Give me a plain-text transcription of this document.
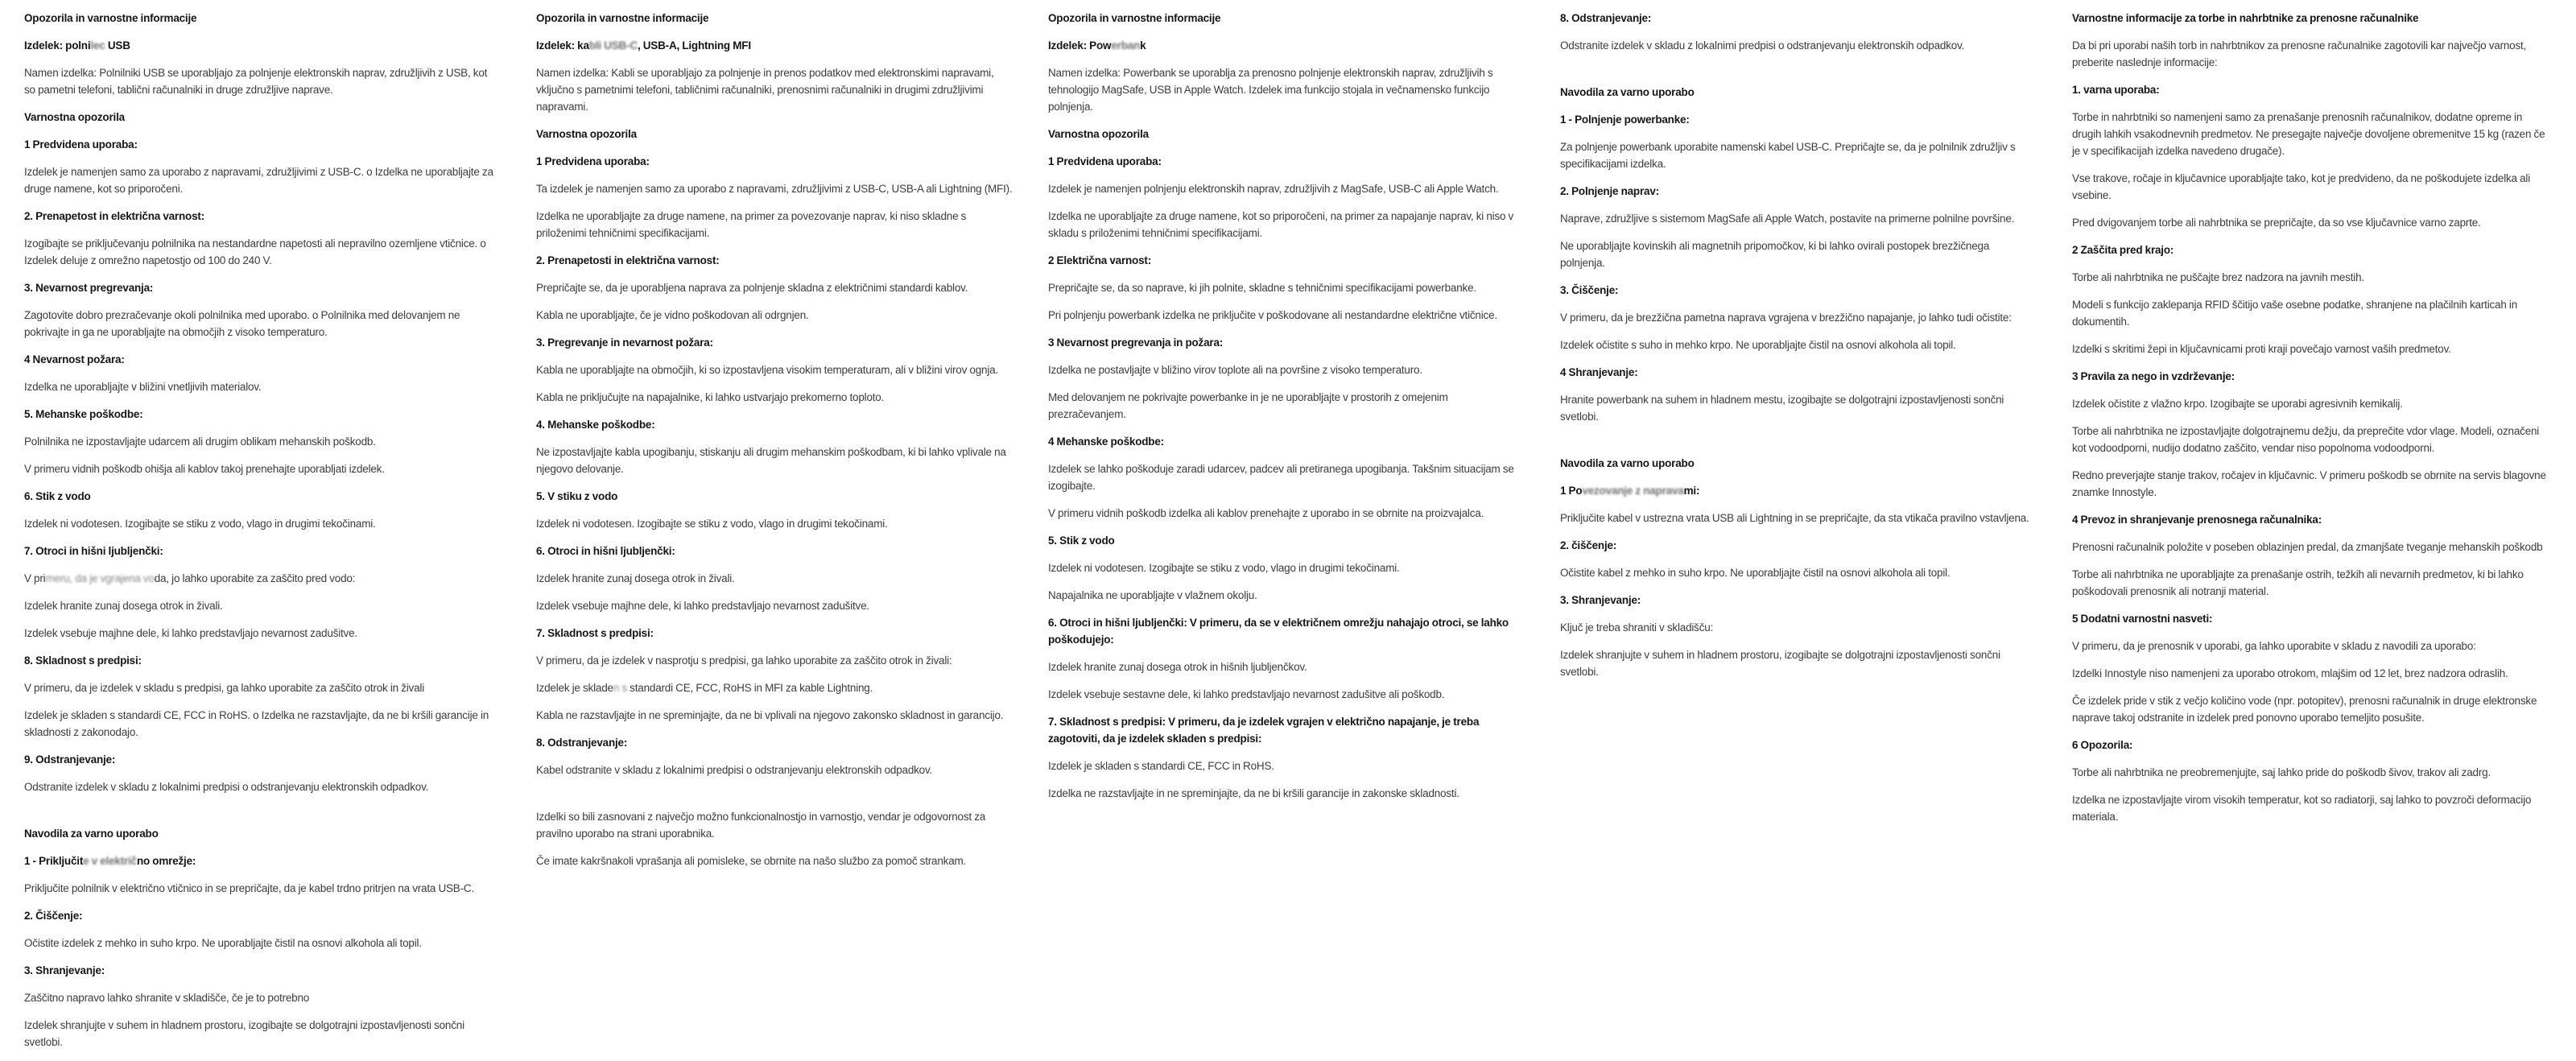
Opozorila in varnostne informacije
Izdelek: polnilec USB
Namen izdelka: Polnilniki USB se uporabljajo za polnjenje elektronskih naprav, združljivih z USB, kot so pametni telefoni, tablični računalniki in druge združljive naprave.
Varnostna opozorila
1 Predvidena uporaba:
Izdelek je namenjen samo za uporabo z napravami, združljivimi z USB-C. o Izdelka ne uporabljajte za druge namene, kot so priporočeni.
2. Prenapetost in električna varnost:
Izogibajte se priključevanju polnilnika na nestandardne napetosti ali nepravilno ozemljene vtičnice. o Izdelek deluje z omrežno napetostjo od 100 do 240 V.
3. Nevarnost pregrevanja:
Zagotovite dobro prezračevanje okoli polnilnika med uporabo. o Polnilnika med delovanjem ne pokrivajte in ga ne uporabljajte na območjih z visoko temperaturo.
4 Nevarnost požara:
Izdelka ne uporabljajte v bližini vnetljivih materialov.
5. Mehanske poškodbe:
Polnilnika ne izpostavljajte udarcem ali drugim oblikam mehanskih poškodb.
V primeru vidnih poškodb ohišja ali kablov takoj prenehajte uporabljati izdelek.
6. Stik z vodo
Izdelek ni vodotesen. Izogibajte se stiku z vodo, vlago in drugimi tekočinami.
7. Otroci in hišni ljubljenčki:
V primeru, da je vgrajena voda, jo lahko uporabite za zaščito pred vodo:
Izdelek hranite zunaj dosega otrok in živali.
Izdelek vsebuje majhne dele, ki lahko predstavljajo nevarnost zadušitve.
8. Skladnost s predpisi:
V primeru, da je izdelek v skladu s predpisi, ga lahko uporabite za zaščito otrok in živali
Izdelek je skladen s standardi CE, FCC in RoHS. o Izdelka ne razstavljajte, da ne bi kršili garancije in skladnosti z zakonodajo.
9. Odstranjevanje:
Odstranite izdelek v skladu z lokalnimi predpisi o odstranjevanju elektronskih odpadkov.
Navodila za varno uporabo
1 - Priključite v električno omrežje:
Priključite polnilnik v električno vtičnico in se prepričajte, da je kabel trdno pritrjen na vrata USB-C.
2. Čiščenje:
Očistite izdelek z mehko in suho krpo. Ne uporabljajte čistil na osnovi alkohola ali topil.
3. Shranjevanje:
Zaščitno napravo lahko shranite v skladišče, če je to potrebno
Izdelek shranjujte v suhem in hladnem prostoru, izogibajte se dolgotrajni izpostavljenosti sončni svetlobi.
Opozorila in varnostne informacije
Izdelek: kabli USB-C, USB-A, Lightning MFI
Namen izdelka: Kabli se uporabljajo za polnjenje in prenos podatkov med elektronskimi napravami, vključno s pametnimi telefoni, tabličnimi računalniki, prenosnimi računalniki in drugimi združljivimi napravami.
Varnostna opozorila
1 Predvidena uporaba:
Ta izdelek je namenjen samo za uporabo z napravami, združljivimi z USB-C, USB-A ali Lightning (MFI).
Izdelka ne uporabljajte za druge namene, na primer za povezovanje naprav, ki niso skladne s priloženimi tehničnimi specifikacijami.
2. Prenapetosti in električna varnost:
Prepričajte se, da je uporabljena naprava za polnjenje skladna z električnimi standardi kablov.
Kabla ne uporabljajte, če je vidno poškodovan ali odrgnjen.
3. Pregrevanje in nevarnost požara:
Kabla ne uporabljajte na območjih, ki so izpostavljena visokim temperaturam, ali v bližini virov ognja.
Kabla ne priključujte na napajalnike, ki lahko ustvarjajo prekomerno toploto.
4. Mehanske poškodbe:
Ne izpostavljajte kabla upogibanju, stiskanju ali drugim mehanskim poškodbam, ki bi lahko vplivale na njegovo delovanje.
5. V stiku z vodo
Izdelek ni vodotesen. Izogibajte se stiku z vodo, vlago in drugimi tekočinami.
6. Otroci in hišni ljubljenčki:
Izdelek hranite zunaj dosega otrok in živali.
Izdelek vsebuje majhne dele, ki lahko predstavljajo nevarnost zadušitve.
7. Skladnost s predpisi:
V primeru, da je izdelek v nasprotju s predpisi, ga lahko uporabite za zaščito otrok in živali:
Izdelek je skladen s standardi CE, FCC, RoHS in MFI za kable Lightning.
Kabla ne razstavljajte in ne spreminjajte, da ne bi vplivali na njegovo zakonsko skladnost in garancijo.
8. Odstranjevanje:
Kabel odstranite v skladu z lokalnimi predpisi o odstranjevanju elektronskih odpadkov.
Izdelki so bili zasnovani z največjo možno funkcionalnostjo in varnostjo, vendar je odgovornost za pravilno uporabo na strani uporabnika.
Če imate kakršnakoli vprašanja ali pomisleke, se obrnite na našo službo za pomoč strankam.
Opozorila in varnostne informacije
Izdelek: Powerbank
Namen izdelka: Powerbank se uporablja za prenosno polnjenje elektronskih naprav, združljivih s tehnologijo MagSafe, USB in Apple Watch. Izdelek ima funkcijo stojala in večnamensko funkcijo polnjenja.
Varnostna opozorila
1 Predvidena uporaba:
Izdelek je namenjen polnjenju elektronskih naprav, združljivih z MagSafe, USB-C ali Apple Watch.
Izdelka ne uporabljajte za druge namene, kot so priporočeni, na primer za napajanje naprav, ki niso v skladu s priloženimi tehničnimi specifikacijami.
2 Električna varnost:
Prepričajte se, da so naprave, ki jih polnite, skladne s tehničnimi specifikacijami powerbanke.
Pri polnjenju powerbank izdelka ne priključite v poškodovane ali nestandardne električne vtičnice.
3 Nevarnost pregrevanja in požara:
Izdelka ne postavljajte v bližino virov toplote ali na površine z visoko temperaturo.
Med delovanjem ne pokrivajte powerbanke in je ne uporabljajte v prostorih z omejenim prezračevanjem.
4 Mehanske poškodbe:
Izdelek se lahko poškoduje zaradi udarcev, padcev ali pretiranega upogibanja. Takšnim situacijam se izogibajte.
V primeru vidnih poškodb izdelka ali kablov prenehajte z uporabo in se obrnite na proizvajalca.
5. Stik z vodo
Izdelek ni vodotesen. Izogibajte se stiku z vodo, vlago in drugimi tekočinami.
Napajalnika ne uporabljajte v vlažnem okolju.
6. Otroci in hišni ljubljenčki: V primeru, da se v električnem omrežju nahajajo otroci, se lahko poškodujejo:
Izdelek hranite zunaj dosega otrok in hišnih ljubljenčkov.
Izdelek vsebuje sestavne dele, ki lahko predstavljajo nevarnost zadušitve ali poškodb.
7. Skladnost s predpisi: V primeru, da je izdelek vgrajen v električno napajanje, je treba zagotoviti, da je izdelek skladen s predpisi:
Izdelek je skladen s standardi CE, FCC in RoHS.
Izdelka ne razstavljajte in ne spreminjajte, da ne bi kršili garancije in zakonske skladnosti.
8. Odstranjevanje:
Odstranite izdelek v skladu z lokalnimi predpisi o odstranjevanju elektronskih odpadkov.
Navodila za varno uporabo
1 - Polnjenje powerbanke:
Za polnjenje powerbank uporabite namenski kabel USB-C. Prepričajte se, da je polnilnik združljiv s specifikacijami izdelka.
2. Polnjenje naprav:
Naprave, združljive s sistemom MagSafe ali Apple Watch, postavite na primerne polnilne površine.
Ne uporabljajte kovinskih ali magnetnih pripomočkov, ki bi lahko ovirali postopek brezžičnega polnjenja.
3. Čiščenje:
V primeru, da je brezžična pametna naprava vgrajena v brezžično napajanje, jo lahko tudi očistite:
Izdelek očistite s suho in mehko krpo. Ne uporabljajte čistil na osnovi alkohola ali topil.
4 Shranjevanje:
Hranite powerbank na suhem in hladnem mestu, izogibajte se dolgotrajni izpostavljenosti sončni svetlobi.
Navodila za varno uporabo
1 Povezovanje z napravami:
Priključite kabel v ustrezna vrata USB ali Lightning in se prepričajte, da sta vtikača pravilno vstavljena.
2. čiščenje:
Očistite kabel z mehko in suho krpo. Ne uporabljajte čistil na osnovi alkohola ali topil.
3. Shranjevanje:
Ključ je treba shraniti v skladišču:
Izdelek shranjujte v suhem in hladnem prostoru, izogibajte se dolgotrajni izpostavljenosti sončni svetlobi.
Varnostne informacije za torbe in nahrbtnike za prenosne računalnike
Da bi pri uporabi naših torb in nahrbtnikov za prenosne računalnike zagotovili kar največjo varnost, preberite naslednje informacije:
1. varna uporaba:
Torbe in nahrbtniki so namenjeni samo za prenašanje prenosnih računalnikov, dodatne opreme in drugih lahkih vsakodnevnih predmetov. Ne presegajte največje dovoljene obremenitve 15 kg (razen če je v specifikacijah izdelka navedeno drugače).
Vse trakove, ročaje in ključavnice uporabljajte tako, kot je predvideno, da ne poškodujete izdelka ali vsebine.
Pred dvigovanjem torbe ali nahrbtnika se prepričajte, da so vse ključavnice varno zaprte.
2 Zaščita pred krajo:
Torbe ali nahrbtnika ne puščajte brez nadzora na javnih mestih.
Modeli s funkcijo zaklepanja RFID ščitijo vaše osebne podatke, shranjene na plačilnih karticah in dokumentih.
Izdelki s skritimi žepi in ključavnicami proti kraji povečajo varnost vaših predmetov.
3 Pravila za nego in vzdrževanje:
Izdelek očistite z vlažno krpo. Izogibajte se uporabi agresivnih kemikalij.
Torbe ali nahrbtnika ne izpostavljajte dolgotrajnemu dežju, da preprečite vdor vlage. Modeli, označeni kot vodoodporni, nudijo dodatno zaščito, vendar niso popolnoma vodoodporni.
Redno preverjajte stanje trakov, ročajev in ključavnic. V primeru poškodb se obrnite na servis blagovne znamke Innostyle.
4 Prevoz in shranjevanje prenosnega računalnika:
Prenosni računalnik položite v poseben oblazinjen predal, da zmanjšate tveganje mehanskih poškodb
Torbe ali nahrbtnika ne uporabljajte za prenašanje ostrih, težkih ali nevarnih predmetov, ki bi lahko poškodovali prenosnik ali notranji material.
5 Dodatni varnostni nasveti:
V primeru, da je prenosnik v uporabi, ga lahko uporabite v skladu z navodili za uporabo:
Izdelki Innostyle niso namenjeni za uporabo otrokom, mlajšim od 12 let, brez nadzora odraslih.
Če izdelek pride v stik z večjo količino vode (npr. potopitev), prenosni računalnik in druge elektronske naprave takoj odstranite in izdelek pred ponovno uporabo temeljito posušite.
6 Opozorila:
Torbe ali nahrbtnika ne preobremenjujte, saj lahko pride do poškodb šivov, trakov ali zadrg.
Izdelka ne izpostavljajte virom visokih temperatur, kot so radiatorji, saj lahko to povzroči deformacijo materiala.
